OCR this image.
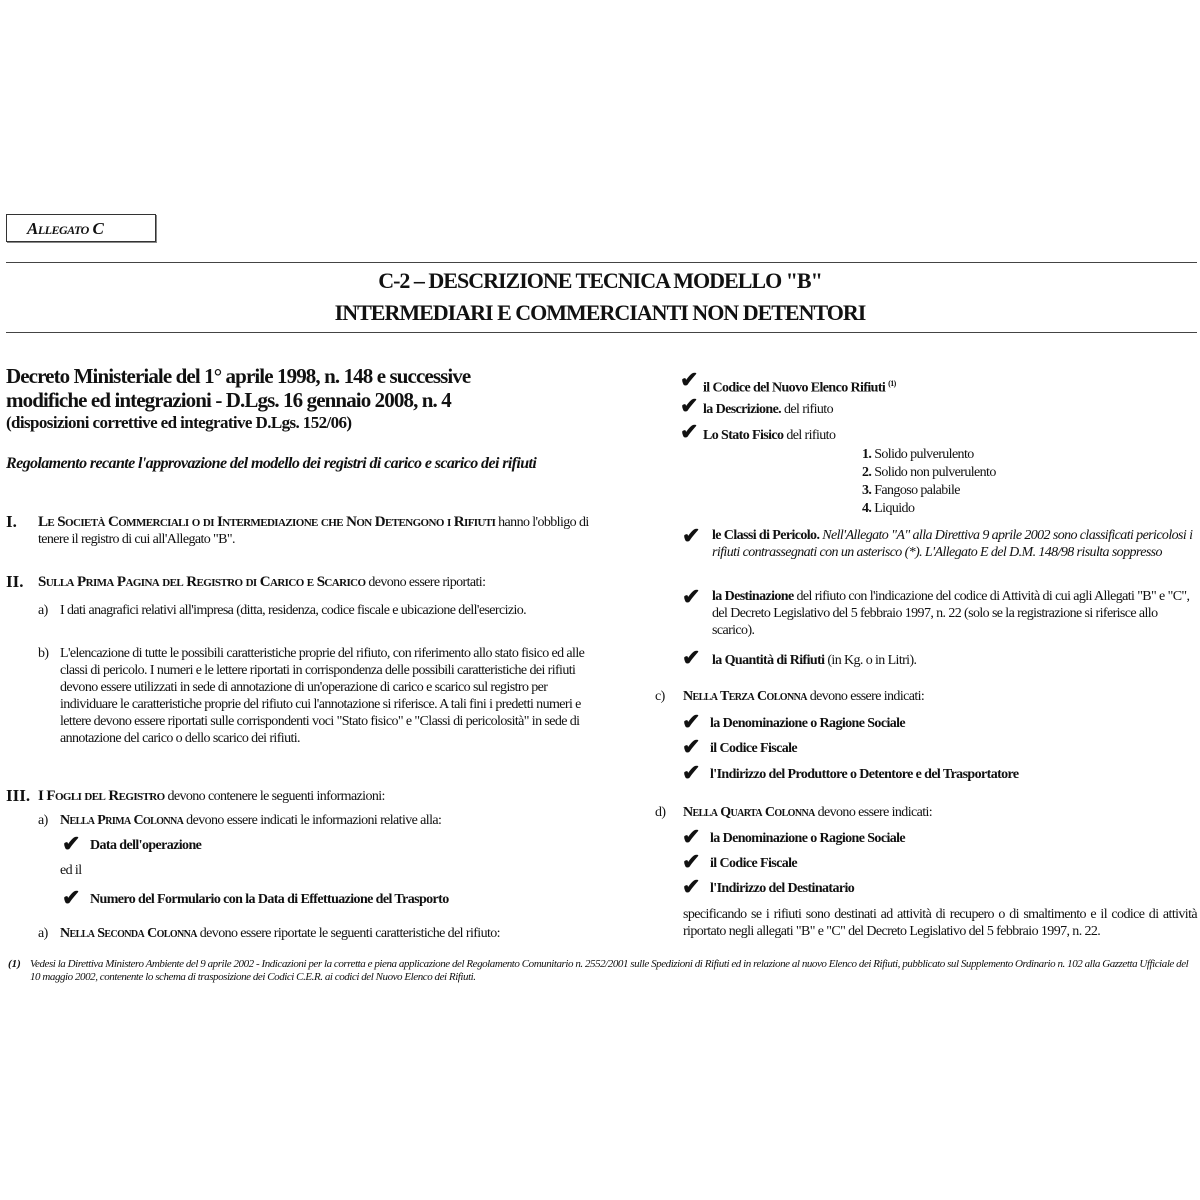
Allegato C
C-2 – DESCRIZIONE TECNICA MODELLO "B"
INTERMEDIARI E COMMERCIANTI NON DETENTORI
Decreto Ministeriale del 1° aprile 1998, n. 148 e successive
modifiche ed integrazioni - D.Lgs. 16 gennaio 2008, n. 4
(disposizioni correttive ed integrative D.Lgs. 152/06)
Regolamento recante l'approvazione del modello dei registri di carico e scarico dei rifiuti
I. Le Società Commerciali o di Intermediazione che Non Detengono i Rifiuti hanno l'obbligo di tenere il registro di cui all'Allegato "B".
II. Sulla Prima Pagina del Registro di Carico e Scarico devono essere riportati:
a) I dati anagrafici relativi all'impresa (ditta, residenza, codice fiscale e ubicazione dell'esercizio.
b) L'elencazione di tutte le possibili caratteristiche proprie del rifiuto, con riferimento allo stato fisico ed alle classi di pericolo. I numeri e le lettere riportati in corrispondenza delle possibili caratteristiche dei rifiuti devono essere utilizzati in sede di annotazione di un'operazione di carico e scarico sul registro per individuare le caratteristiche proprie del rifiuto cui l'annotazione si riferisce. A tali fini i predetti numeri e lettere devono essere riportati sulle corrispondenti voci "Stato fisico" e "Classi di pericolosità" in sede di annotazione del carico o dello scarico dei rifiuti.
III. I Fogli del Registro devono contenere le seguenti informazioni:
a) Nella Prima Colonna devono essere indicati le informazioni relative alla:
✔ Data dell'operazione
ed il
✔ Numero del Formulario con la Data di Effettuazione del Trasporto
a) Nella Seconda Colonna devono essere riportate le seguenti caratteristiche del rifiuto:
✔ il Codice del Nuovo Elenco Rifiuti $^{(1)}$
✔ la Descrizione. del rifiuto
✔ Lo Stato Fisico del rifiuto
1. Solido pulverulento
2. Solido non pulverulento
3. Fangoso palabile
4. Liquido
✔ le Classi di Pericolo. Nell'Allegato "A" alla Direttiva 9 aprile 2002 sono classificati pericolosi i rifiuti contrassegnati con un asterisco (*). L'Allegato E del D.M. 148/98 risulta soppresso
✔ la Destinazione del rifiuto con l'indicazione del codice di Attività di cui agli Allegati "B" e "C", del Decreto Legislativo del 5 febbraio 1997, n. 22 (solo se la registrazione si riferisce allo scarico).
✔ la Quantità di Rifiuti (in Kg. o in Litri).
c) Nella Terza Colonna devono essere indicati:
✔ la Denominazione o Ragione Sociale
✔ il Codice Fiscale
✔ l'Indirizzo del Produttore o Detentore e del Trasportatore
d) Nella Quarta Colonna devono essere indicati:
✔ la Denominazione o Ragione Sociale
✔ il Codice Fiscale
✔ l'Indirizzo del Destinatario
specificando se i rifiuti sono destinati ad attività di recupero o di smaltimento e il codice di attività riportato negli allegati "B" e "C" del Decreto Legislativo del 5 febbraio 1997, n. 22.
(1) Vedesi la Direttiva Ministero Ambiente del 9 aprile 2002 - Indicazioni per la corretta e piena applicazione del Regolamento Comunitario n. 2552/2001 sulle Spedizioni di Rifiuti ed in relazione al nuovo Elenco dei Rifiuti, pubblicato sul Supplemento Ordinario n. 102 alla Gazzetta Ufficiale del 10 maggio 2002, contenente lo schema di trasposizione dei Codici C.E.R. ai codici del Nuovo Elenco dei Rifiuti.
